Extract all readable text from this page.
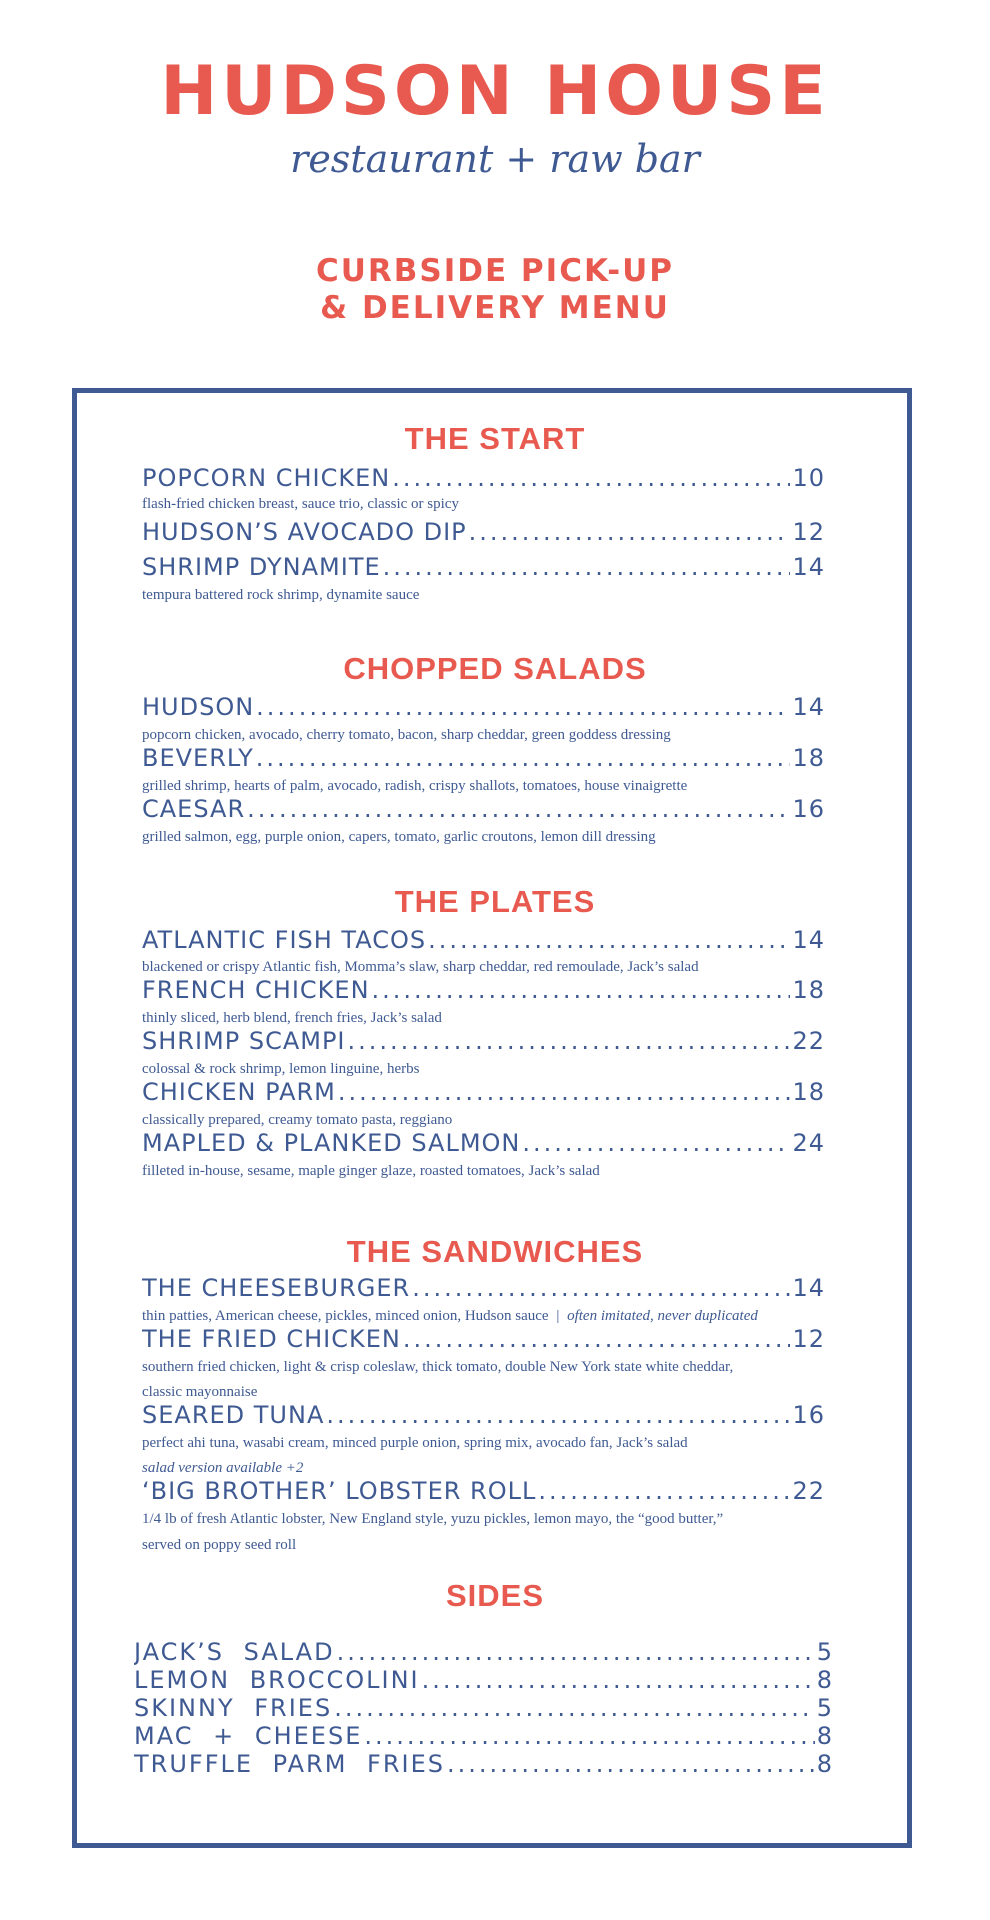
HUDSON HOUSE
restaurant + raw bar
CURBSIDE PICK-UP
& DELIVERY MENU
THE START
POPCORN CHICKEN .....	10
flash-fried chicken breast, sauce trio, classic or spicy
HUDSON’S AVOCADO DIP .....	12
SHRIMP DYNAMITE .....	14
tempura battered rock shrimp, dynamite sauce
CHOPPED SALADS
HUDSON .....	14
popcorn chicken, avocado, cherry tomato, bacon, sharp cheddar, green goddess dressing
BEVERLY .....	18
grilled shrimp, hearts of palm, avocado, radish, crispy shallots, tomatoes, house vinaigrette
CAESAR .....	16
grilled salmon, egg, purple onion, capers, tomato, garlic croutons, lemon dill dressing
THE PLATES
ATLANTIC FISH TACOS .....	14
blackened or crispy Atlantic fish, Momma’s slaw, sharp cheddar, red remoulade, Jack’s salad
FRENCH CHICKEN .....	18
thinly sliced, herb blend, french fries, Jack’s salad
SHRIMP SCAMPI .....	22
colossal & rock shrimp, lemon linguine, herbs
CHICKEN PARM .....	18
classically prepared, creamy tomato pasta, reggiano
MAPLED & PLANKED SALMON .....	24
filleted in-house, sesame, maple ginger glaze, roasted tomatoes, Jack’s salad
THE SANDWICHES
THE CHEESEBURGER .....	14
thin patties, American cheese, pickles, minced onion, Hudson sauce | often imitated, never duplicated
THE FRIED CHICKEN .....	12
southern fried chicken, light & crisp coleslaw, thick tomato, double New York state white cheddar,
classic mayonnaise
SEARED TUNA .....	16
perfect ahi tuna, wasabi cream, minced purple onion, spring mix, avocado fan, Jack’s salad
salad version available +2
‘BIG BROTHER’ LOBSTER ROLL .....	22
1/4 lb of fresh Atlantic lobster, New England style, yuzu pickles, lemon mayo, the “good butter,”
served on poppy seed roll
SIDES
JACK’S SALAD .....	5
LEMON BROCCOLINI .....	8
SKINNY FRIES .....	5
MAC + CHEESE .....	8
TRUFFLE PARM FRIES .....	8
